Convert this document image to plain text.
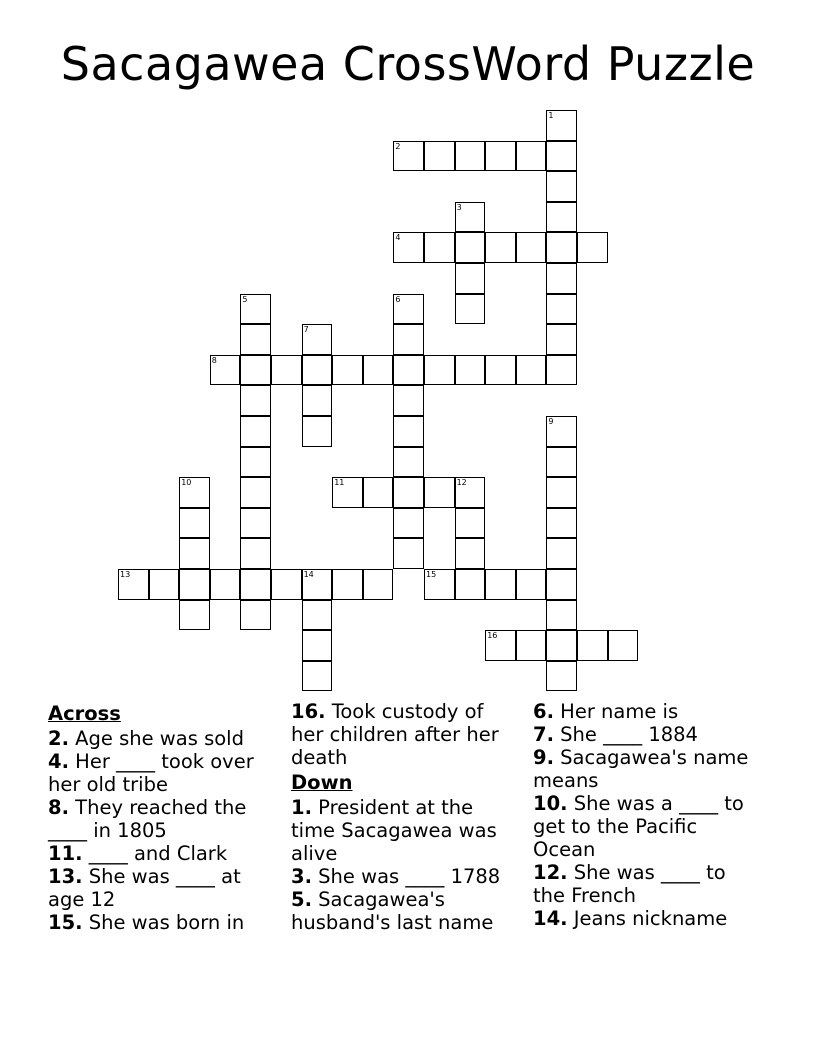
Sacagawea CrossWord Puzzle
1
2
3
4
5	6
7
8
9
10	11	12
13	14	15
16
Across
2. Age she was sold
4. Her ____ took over her old tribe
8. They reached the ____ in 1805
11. ____ and Clark
13. She was ____ at age 12
15. She was born in
16. Took custody of her children after her death
Down
1. President at the time Sacagawea was alive
3. She was ____ 1788
5. Sacagawea's husband's last name
6. Her name is
7. She ____ 1884
9. Sacagawea's name means
10. She was a ____ to get to the Pacific Ocean
12. She was ____ to the French
14. Jeans nickname
